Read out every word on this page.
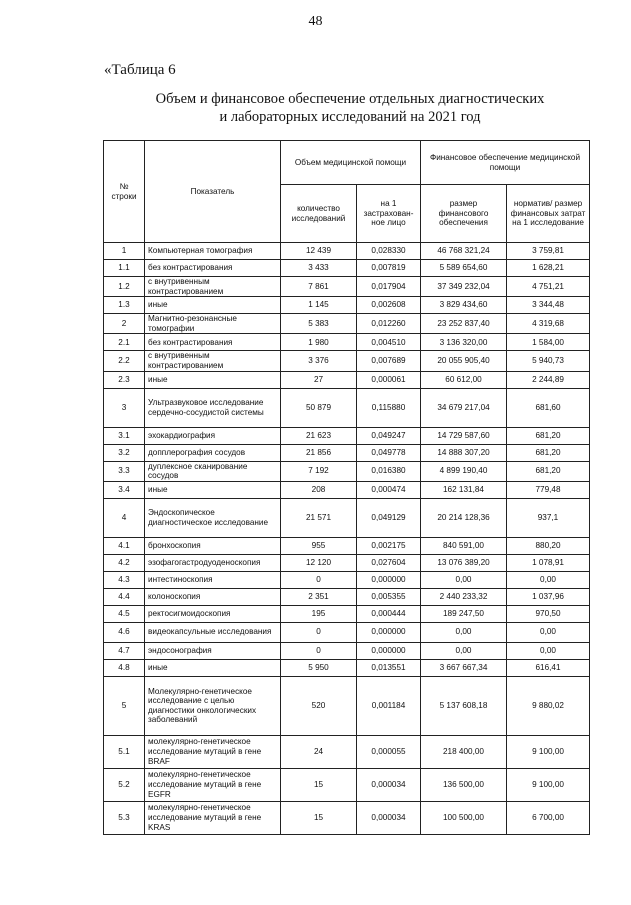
48
«Таблица 6
Объем и финансовое обеспечение отдельных диагностических
и лабораторных исследований на 2021 год
№ строки	Показатель	Объем медицинской помощи		Финансовое обеспечение медицинской помощи	
		количество исследований	на 1 застрахован-ное лицо	размер финансового обеспечения	норматив/ размер финансовых затрат на 1 исследование
1	Компьютерная томография	12 439	0,028330	46 768 321,24	3 759,81
1.1	без контрастирования	3 433	0,007819	5 589 654,60	1 628,21
1.2	с внутривенным контрастированием	7 861	0,017904	37 349 232,04	4 751,21
1.3	иные	1 145	0,002608	3 829 434,60	3 344,48
2	Магнитно-резонансные томографии	5 383	0,012260	23 252 837,40	4 319,68
2.1	без контрастирования	1 980	0,004510	3 136 320,00	1 584,00
2.2	с внутривенным контрастированием	3 376	0,007689	20 055 905,40	5 940,73
2.3	иные	27	0,000061	60 612,00	2 244,89
3	Ультразвуковое исследование сердечно-сосудистой системы	50 879	0,115880	34 679 217,04	681,60
3.1	эхокардиография	21 623	0,049247	14 729 587,60	681,20
3.2	допплерография сосудов	21 856	0,049778	14 888 307,20	681,20
3.3	дуплексное сканирование сосудов	7 192	0,016380	4 899 190,40	681,20
3.4	иные	208	0,000474	162 131,84	779,48
4	Эндоскопическое диагностическое исследование	21 571	0,049129	20 214 128,36	937,1
4.1	бронхоскопия	955	0,002175	840 591,00	880,20
4.2	эзофагогастродуоденоскопия	12 120	0,027604	13 076 389,20	1 078,91
4.3	интестиноскопия	0	0,000000	0,00	0,00
4.4	колоноскопия	2 351	0,005355	2 440 233,32	1 037,96
4.5	ректосигмоидоскопия	195	0,000444	189 247,50	970,50
4.6	видеокапсульные исследования	0	0,000000	0,00	0,00
4.7	эндосонография	0	0,000000	0,00	0,00
4.8	иные	5 950	0,013551	3 667 667,34	616,41
5	Молекулярно-генетическое исследование с целью диагностики онкологических заболеваний	520	0,001184	5 137 608,18	9 880,02
5.1	молекулярно-генетическое исследование мутаций в гене BRAF	24	0,000055	218 400,00	9 100,00
5.2	молекулярно-генетическое исследование мутаций в гене EGFR	15	0,000034	136 500,00	9 100,00
5.3	молекулярно-генетическое исследование мутаций в гене KRAS	15	0,000034	100 500,00	6 700,00
